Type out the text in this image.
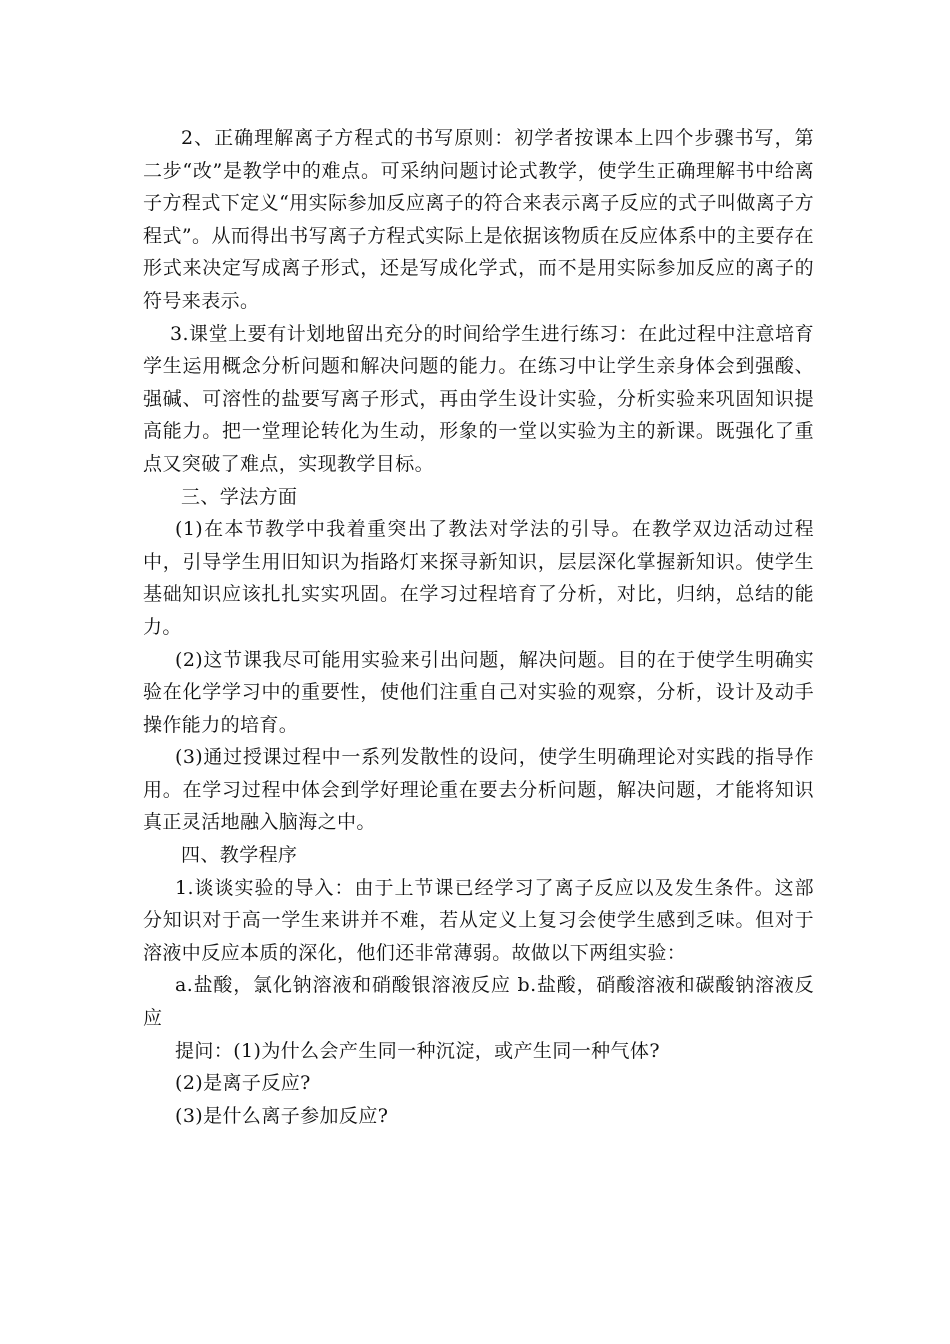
2、正确理解离子方程式的书写原则：初学者按课本上四个步骤书写，第二步“改”是教学中的难点。可采纳问题讨论式教学，使学生正确理解书中给离子方程式下定义“用实际参加反应离子的符合来表示离子反应的式子叫做离子方程式”。从而得出书写离子方程式实际上是依据该物质在反应体系中的主要存在形式来决定写成离子形式，还是写成化学式，而不是用实际参加反应的离子的符号来表示。

3.课堂上要有计划地留出充分的时间给学生进行练习：在此过程中注意培育学生运用概念分析问题和解决问题的能力。在练习中让学生亲身体会到强酸、强碱、可溶性的盐要写离子形式，再由学生设计实验，分析实验来巩固知识提高能力。把一堂理论转化为生动，形象的一堂以实验为主的新课。既强化了重点又突破了难点，实现教学目标。

三、学法方面

(1)在本节教学中我着重突出了教法对学法的引导。在教学双边活动过程中，引导学生用旧知识为指路灯来探寻新知识，层层深化掌握新知识。使学生基础知识应该扎扎实实巩固。在学习过程培育了分析，对比，归纳，总结的能力。

(2)这节课我尽可能用实验来引出问题，解决问题。目的在于使学生明确实验在化学学习中的重要性，使他们注重自己对实验的观察，分析，设计及动手操作能力的培育。

(3)通过授课过程中一系列发散性的设问，使学生明确理论对实践的指导作用。在学习过程中体会到学好理论重在要去分析问题，解决问题，才能将知识真正灵活地融入脑海之中。

四、教学程序

1.谈谈实验的导入：由于上节课已经学习了离子反应以及发生条件。这部分知识对于高一学生来讲并不难，若从定义上复习会使学生感到乏味。但对于溶液中反应本质的深化，他们还非常薄弱。故做以下两组实验：

a.盐酸，氯化钠溶液和硝酸银溶液反应 b.盐酸，硝酸溶液和碳酸钠溶液反应

提问：(1)为什么会产生同一种沉淀，或产生同一种气体?

(2)是离子反应?

(3)是什么离子参加反应?
